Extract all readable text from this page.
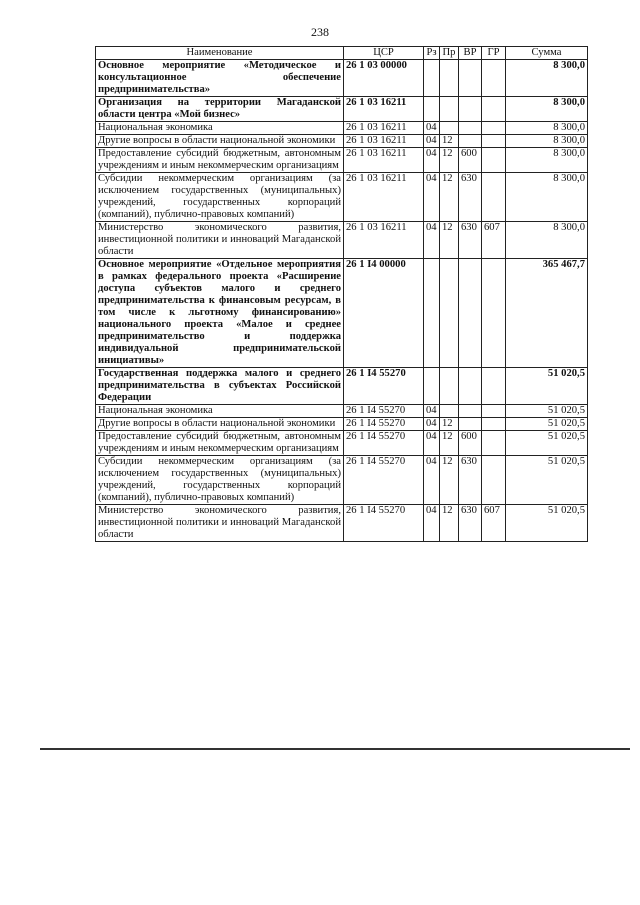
238
Наименование	ЦСР	Рз	Пр	ВР	ГР	Сумма
Основное мероприятие «Методическое и консультационное обеспечение предпринимательства»	26 1 03 00000					8 300,0
Организация на территории Магаданской области центра «Мой бизнес»	26 1 03 16211					8 300,0
Национальная экономика	26 1 03 16211	04				8 300,0
Другие вопросы в области национальной экономики	26 1 03 16211	04	12			8 300,0
Предоставление субсидий бюджетным, автономным учреждениям и иным некоммерческим организациям	26 1 03 16211	04	12	600		8 300,0
Субсидии некоммерческим организациям (за исключением государственных (муниципальных) учреждений, государственных корпораций (компаний), публично-правовых компаний)	26 1 03 16211	04	12	630		8 300,0
Министерство экономического развития, инвестиционной политики и инноваций Магаданской области	26 1 03 16211	04	12	630	607	8 300,0
Основное мероприятие «Отдельное мероприятия в рамках федерального проекта «Расширение доступа субъектов малого и среднего предпринимательства к финансовым ресурсам, в том числе к льготному финансированию» национального проекта «Малое и среднее предпринимательство и поддержка индивидуальной предпринимательской инициативы»	26 1 I4 00000					365 467,7
Государственная поддержка малого и среднего предпринимательства в субъектах Российской Федерации	26 1 I4 55270					51 020,5
Национальная экономика	26 1 I4 55270	04				51 020,5
Другие вопросы в области национальной экономики	26 1 I4 55270	04	12			51 020,5
Предоставление субсидий бюджетным, автономным учреждениям и иным некоммерческим организациям	26 1 I4 55270	04	12	600		51 020,5
Субсидии некоммерческим организациям (за исключением государственных (муниципальных) учреждений, государственных корпораций (компаний), публично-правовых компаний)	26 1 I4 55270	04	12	630		51 020,5
Министерство экономического развития, инвестиционной политики и инноваций Магаданской области	26 1 I4 55270	04	12	630	607	51 020,5
